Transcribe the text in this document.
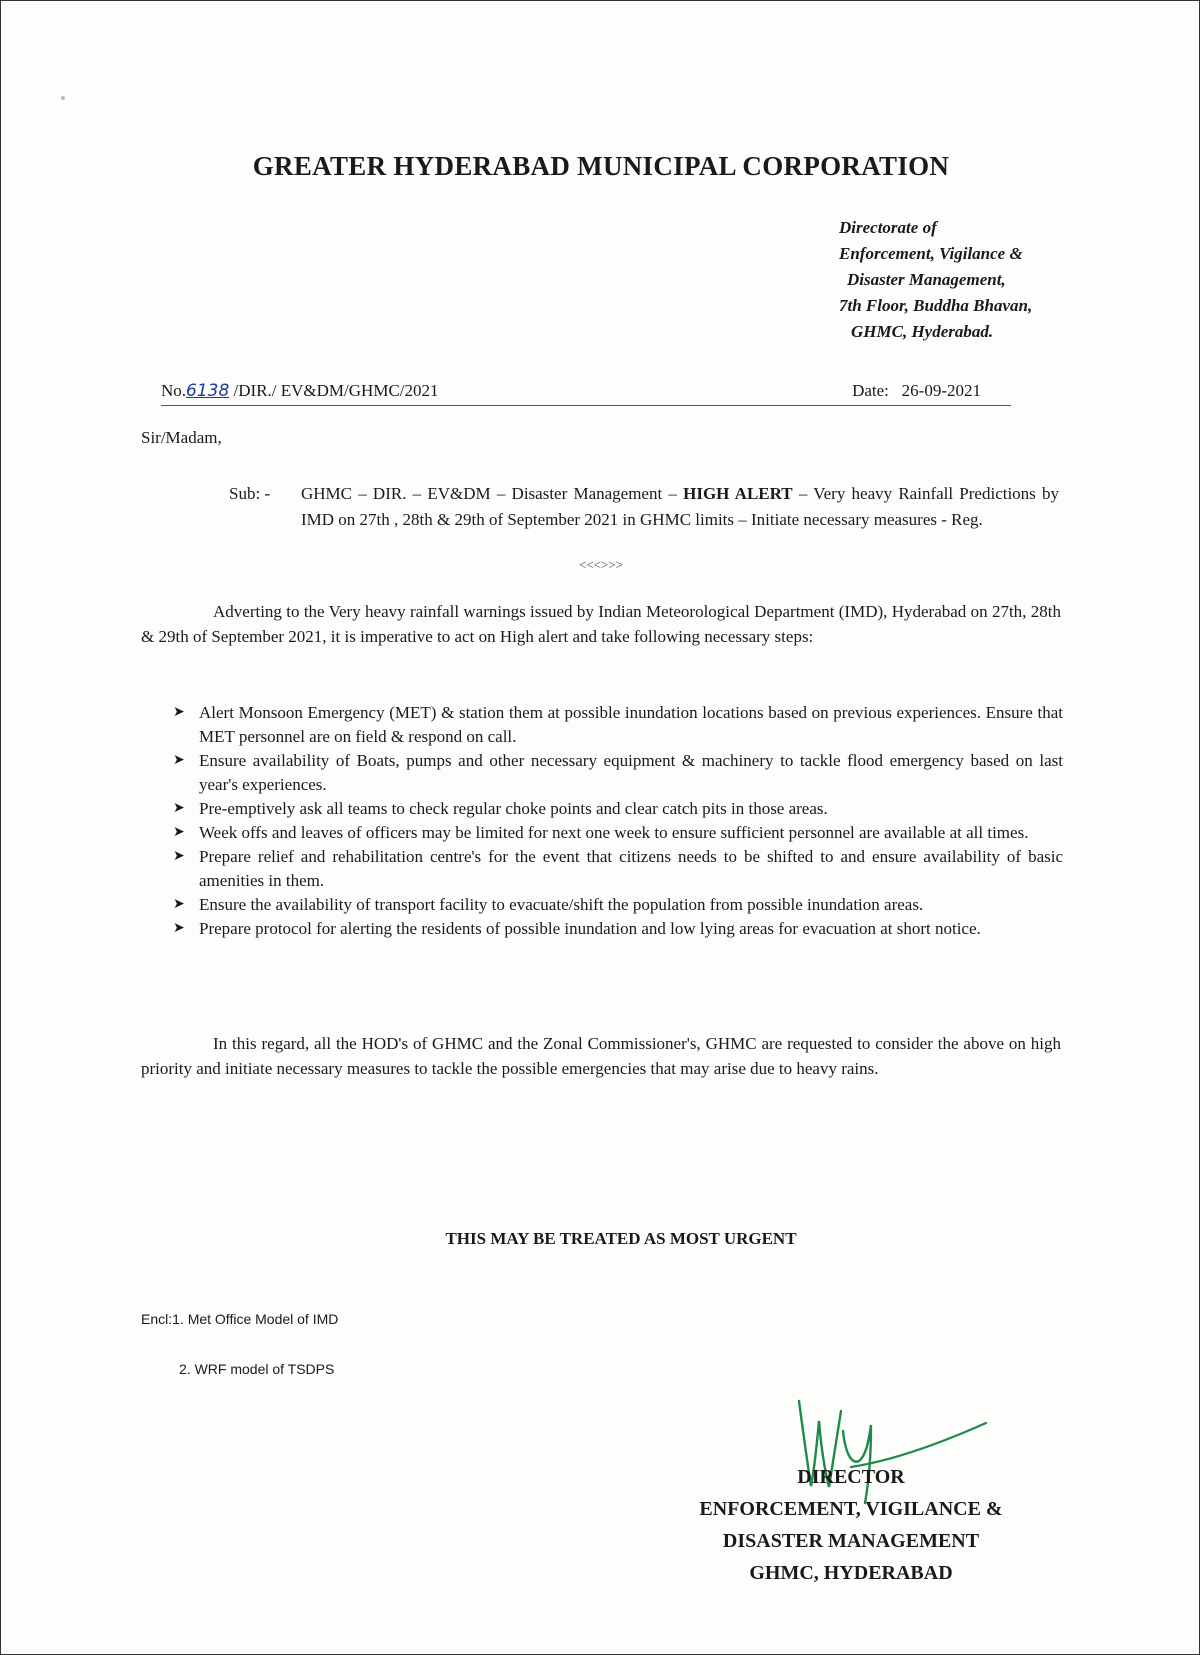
GREATER HYDERABAD MUNICIPAL CORPORATION
Directorate of
Enforcement, Vigilance &
Disaster Management,
7th Floor, Buddha Bhavan,
GHMC, Hyderabad.
No.6138 /DIR./ EV&DM/GHMC/2021	Date: 26-09-2021
Sir/Madam,
Sub: - GHMC – DIR. – EV&DM – Disaster Management – HIGH ALERT – Very heavy Rainfall Predictions by IMD on 27th , 28th & 29th of September 2021 in GHMC limits – Initiate necessary measures - Reg.
<<<>>>
Adverting to the Very heavy rainfall warnings issued by Indian Meteorological Department (IMD), Hyderabad on 27th, 28th & 29th of September 2021, it is imperative to act on High alert and take following necessary steps:
➤ Alert Monsoon Emergency (MET) & station them at possible inundation locations based on previous experiences. Ensure that MET personnel are on field & respond on call.
➤ Ensure availability of Boats, pumps and other necessary equipment & machinery to tackle flood emergency based on last year's experiences.
➤ Pre-emptively ask all teams to check regular choke points and clear catch pits in those areas.
➤ Week offs and leaves of officers may be limited for next one week to ensure sufficient personnel are available at all times.
➤ Prepare relief and rehabilitation centre's for the event that citizens needs to be shifted to and ensure availability of basic amenities in them.
➤ Ensure the availability of transport facility to evacuate/shift the population from possible inundation areas.
➤ Prepare protocol for alerting the residents of possible inundation and low lying areas for evacuation at short notice.
In this regard, all the HOD's of GHMC and the Zonal Commissioner's, GHMC are requested to consider the above on high priority and initiate necessary measures to tackle the possible emergencies that may arise due to heavy rains.
THIS MAY BE TREATED AS MOST URGENT
Encl:1. Met Office Model of IMD
2. WRF model of TSDPS
DIRECTOR
ENFORCEMENT, VIGILANCE &
DISASTER MANAGEMENT
GHMC, HYDERABAD
